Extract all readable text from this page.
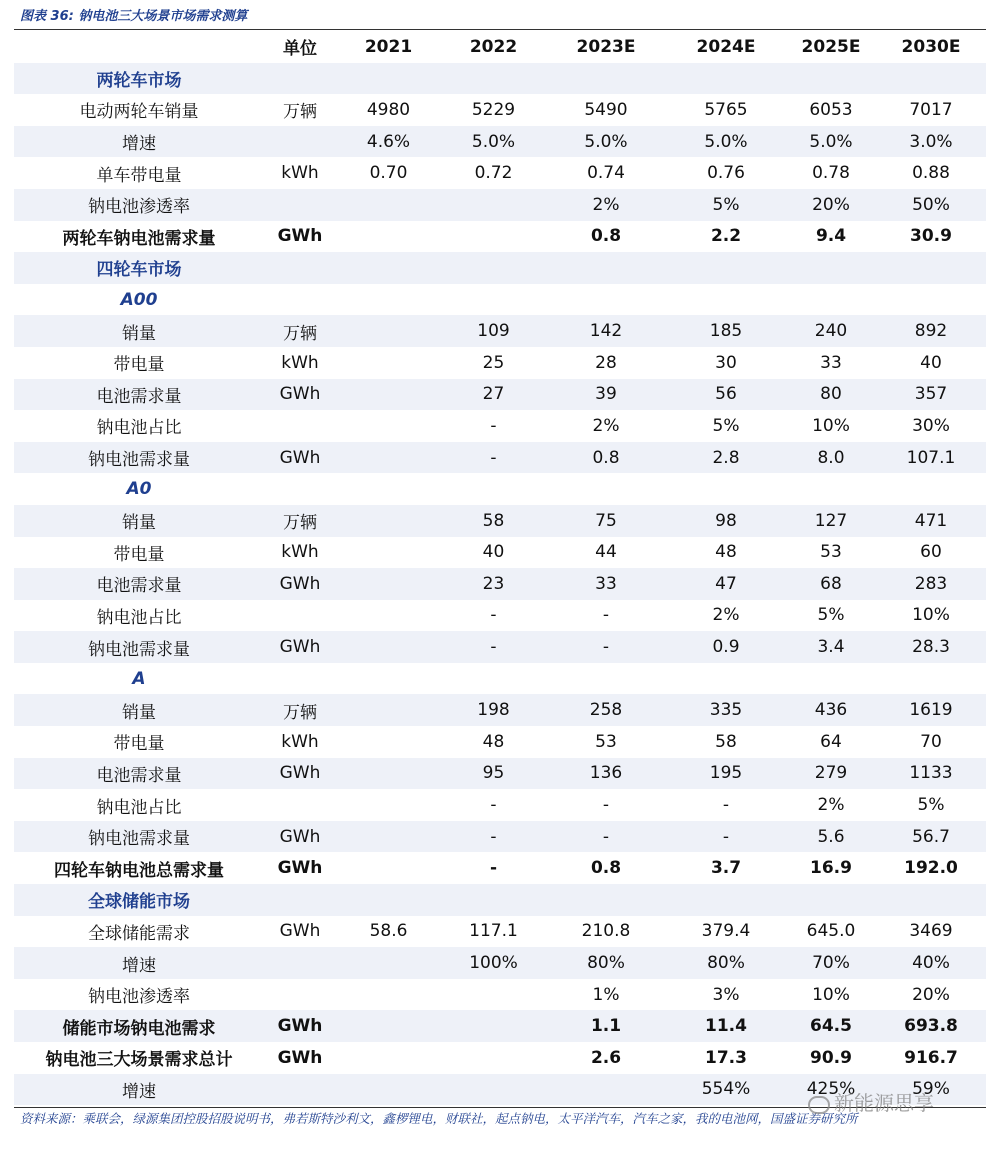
图表 36: 钠电池三大场景市场需求测算
	单位	2021	2022	2023E	2024E	2025E	2030E
两轮车市场							
电动两轮车销量	万辆	4980	5229	5490	5765	6053	7017
增速		4.6%	5.0%	5.0%	5.0%	5.0%	3.0%
单车带电量	kWh	0.70	0.72	0.74	0.76	0.78	0.88
钠电池渗透率				2%	5%	20%	50%
两轮车钠电池需求量	GWh			0.8	2.2	9.4	30.9
四轮车市场							
A00							
销量	万辆		109	142	185	240	892
带电量	kWh		25	28	30	33	40
电池需求量	GWh		27	39	56	80	357
钠电池占比			-	2%	5%	10%	30%
钠电池需求量	GWh		-	0.8	2.8	8.0	107.1
A0							
销量	万辆		58	75	98	127	471
带电量	kWh		40	44	48	53	60
电池需求量	GWh		23	33	47	68	283
钠电池占比			-	-	2%	5%	10%
钠电池需求量	GWh		-	-	0.9	3.4	28.3
A							
销量	万辆		198	258	335	436	1619
带电量	kWh		48	53	58	64	70
电池需求量	GWh		95	136	195	279	1133
钠电池占比			-	-	-	2%	5%
钠电池需求量	GWh		-	-	-	5.6	56.7
四轮车钠电池总需求量	GWh		-	0.8	3.7	16.9	192.0
全球储能市场							
全球储能需求	GWh	58.6	117.1	210.8	379.4	645.0	3469
增速			100%	80%	80%	70%	40%
钠电池渗透率				1%	3%	10%	20%
储能市场钠电池需求	GWh			1.1	11.4	64.5	693.8
钠电池三大场景需求总计	GWh			2.6	17.3	90.9	916.7
增速					554%	425%	59%
资料来源：乘联会，绿源集团控股招股说明书，弗若斯特沙利文，鑫椤锂电，财联社，起点钠电，太平洋汽车，汽车之家，我的电池网，国盛证券研究所
新能源思享
